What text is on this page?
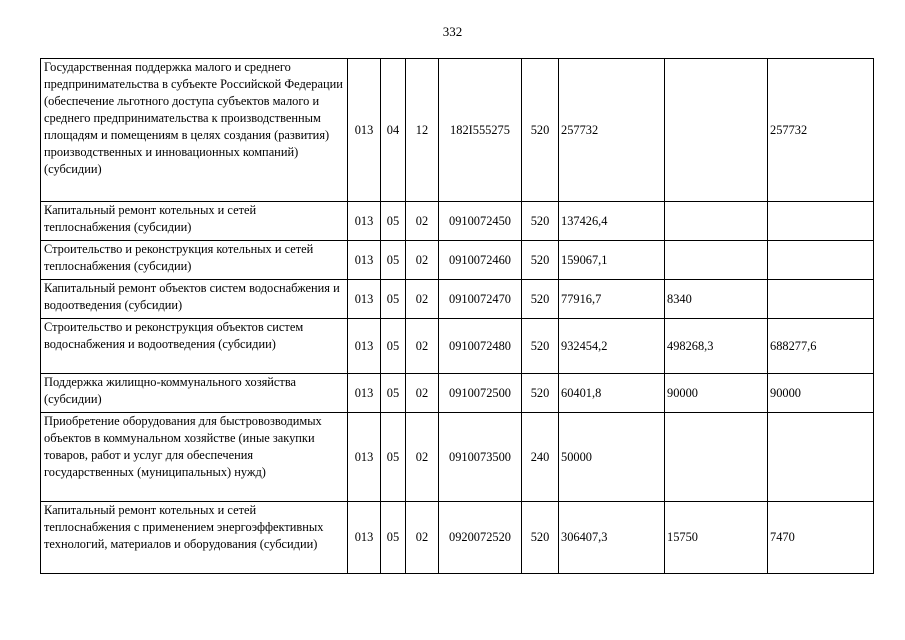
332
Государственная поддержка малого и среднего предпринимательства в субъекте Российской Федерации (обеспечение льготного доступа субъектов малого и среднего предпринимательства к производственным площадям и помещениям в целях создания (развития) производственных и инновационных компаний) (субсидии)	013	04	12	182I555275	520	257732		257732
Капитальный ремонт котельных и сетей теплоснабжения (субсидии)	013	05	02	0910072450	520	137426,4		
Строительство и реконструкция котельных и сетей теплоснабжения (субсидии)	013	05	02	0910072460	520	159067,1		
Капитальный ремонт объектов систем водоснабжения и водоотведения (субсидии)	013	05	02	0910072470	520	77916,7	8340	
Строительство и реконструкция объектов систем водоснабжения и водоотведения (субсидии)	013	05	02	0910072480	520	932454,2	498268,3	688277,6
Поддержка жилищно-коммунального хозяйства (субсидии)	013	05	02	0910072500	520	60401,8	90000	90000
Приобретение оборудования для быстровозводимых объектов в коммунальном хозяйстве (иные закупки товаров, работ и услуг для обеспечения государственных (муниципальных) нужд)	013	05	02	0910073500	240	50000		
Капитальный ремонт котельных и сетей теплоснабжения с применением энергоэффективных технологий, материалов и оборудования (субсидии)	013	05	02	0920072520	520	306407,3	15750	7470
